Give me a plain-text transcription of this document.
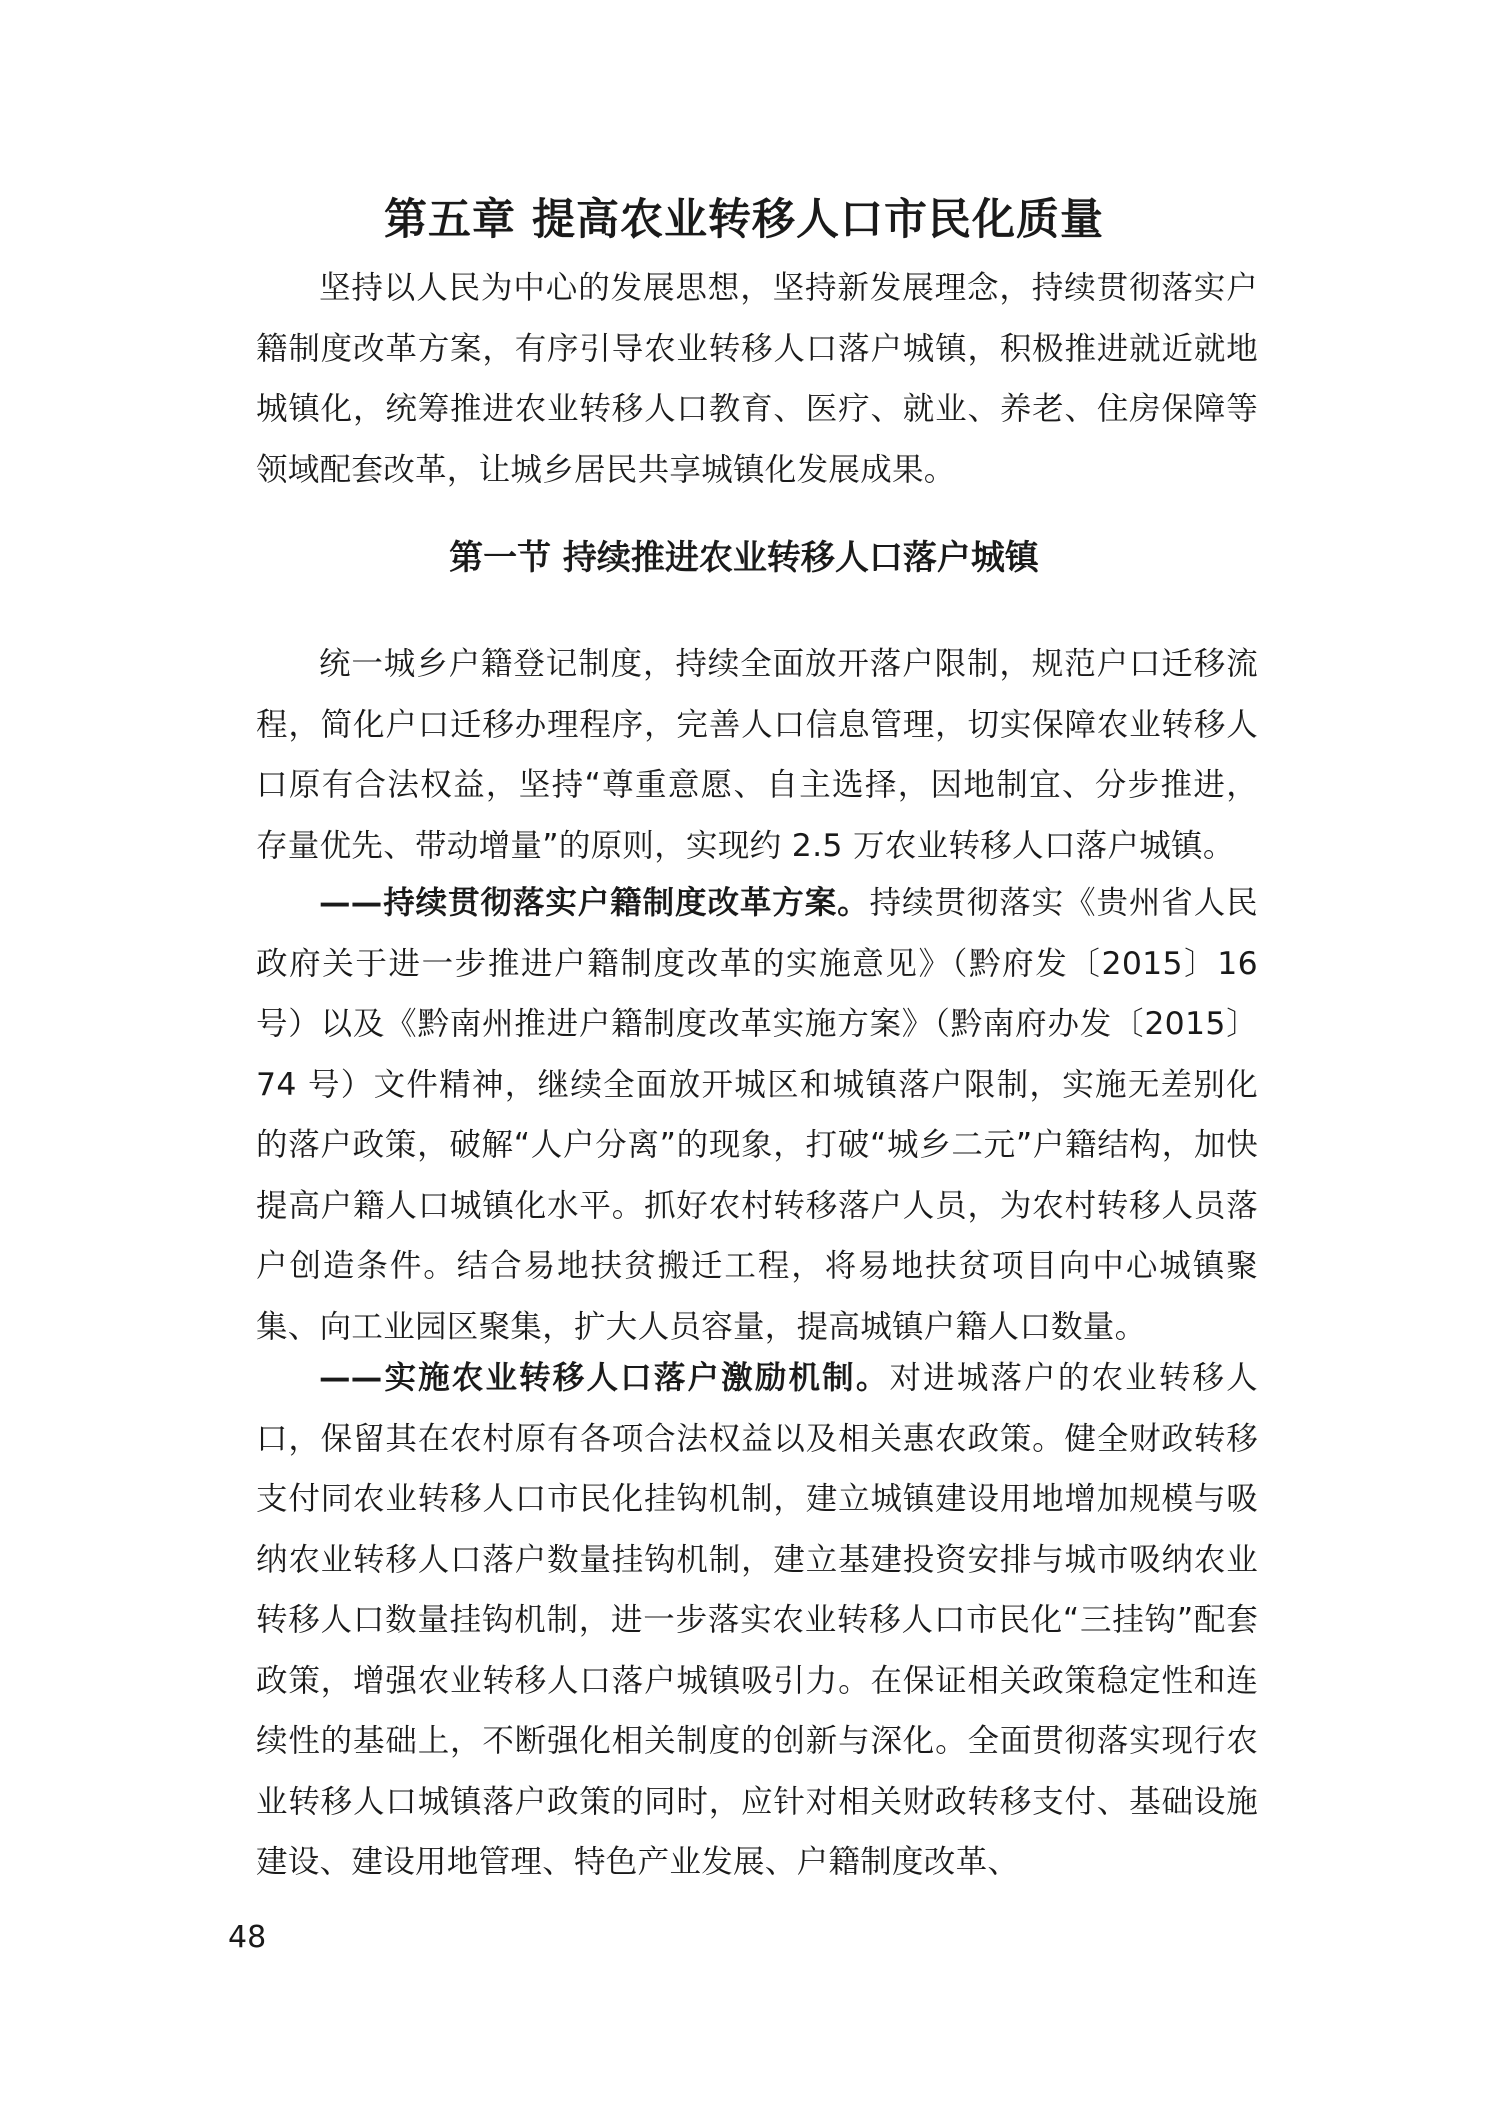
第五章 提高农业转移人口市民化质量

坚持以人民为中心的发展思想，坚持新发展理念，持续贯彻落实户籍制度改革方案，有序引导农业转移人口落户城镇，积极推进就近就地城镇化，统筹推进农业转移人口教育、医疗、就业、养老、住房保障等领域配套改革，让城乡居民共享城镇化发展成果。

第一节 持续推进农业转移人口落户城镇

统一城乡户籍登记制度，持续全面放开落户限制，规范户口迁移流程，简化户口迁移办理程序，完善人口信息管理，切实保障农业转移人口原有合法权益，坚持“尊重意愿、自主选择，因地制宜、分步推进，存量优先、带动增量”的原则，实现约 2.5 万农业转移人口落户城镇。

——持续贯彻落实户籍制度改革方案。持续贯彻落实《贵州省人民政府关于进一步推进户籍制度改革的实施意见》（黔府发〔2015〕16 号）以及《黔南州推进户籍制度改革实施方案》（黔南府办发〔2015〕74 号）文件精神，继续全面放开城区和城镇落户限制，实施无差别化的落户政策，破解“人户分离”的现象，打破“城乡二元”户籍结构，加快提高户籍人口城镇化水平。抓好农村转移落户人员，为农村转移人员落户创造条件。结合易地扶贫搬迁工程，将易地扶贫项目向中心城镇聚集、向工业园区聚集，扩大人员容量，提高城镇户籍人口数量。

——实施农业转移人口落户激励机制。对进城落户的农业转移人口，保留其在农村原有各项合法权益以及相关惠农政策。健全财政转移支付同农业转移人口市民化挂钩机制，建立城镇建设用地增加规模与吸纳农业转移人口落户数量挂钩机制，建立基建投资安排与城市吸纳农业转移人口数量挂钩机制，进一步落实农业转移人口市民化“三挂钩”配套政策，增强农业转移人口落户城镇吸引力。在保证相关政策稳定性和连续性的基础上，不断强化相关制度的创新与深化。全面贯彻落实现行农业转移人口城镇落户政策的同时，应针对相关财政转移支付、基础设施建设、建设用地管理、特色产业发展、户籍制度改革、

48
